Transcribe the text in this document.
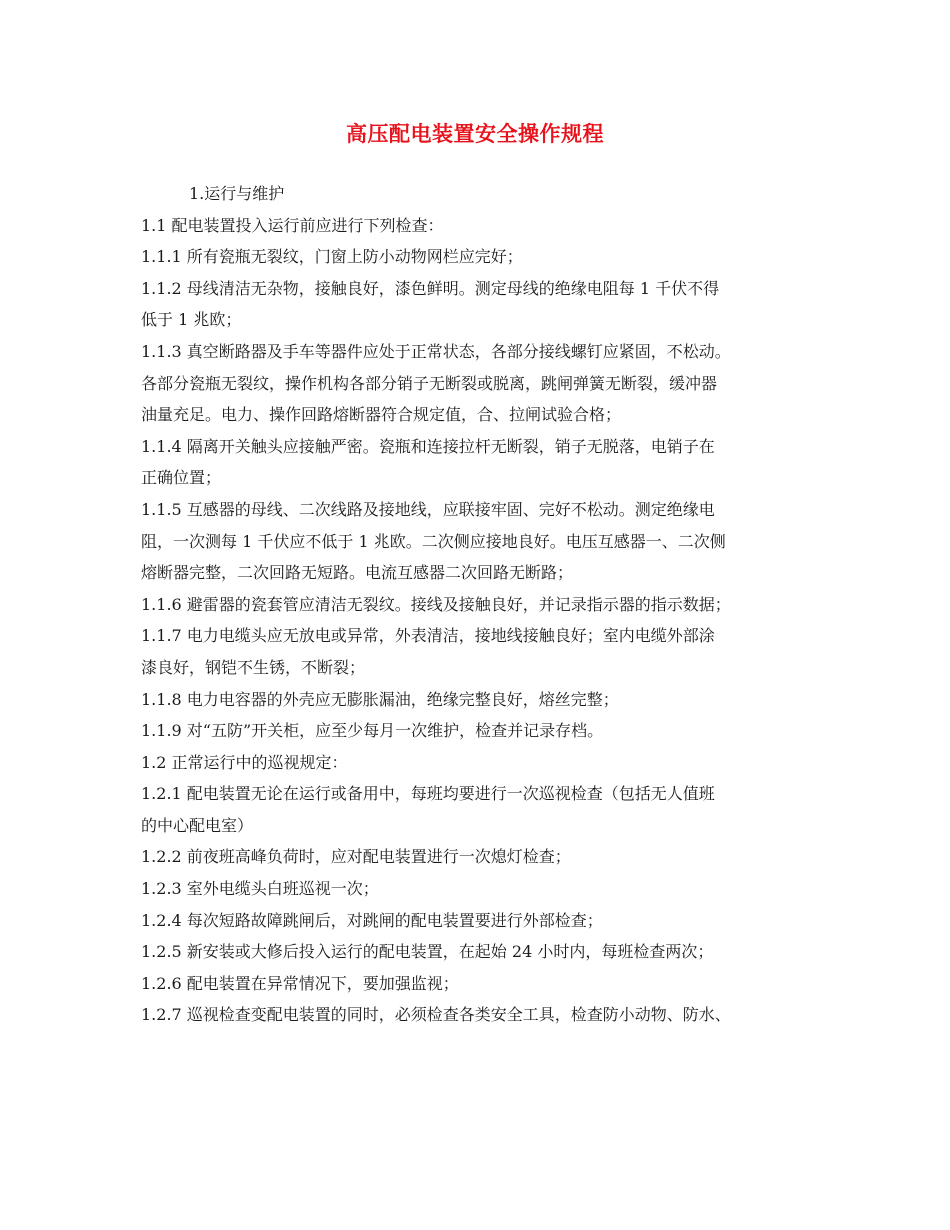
高压配电装置安全操作规程
1.运行与维护
1.1 配电装置投入运行前应进行下列检查：
1.1.1 所有瓷瓶无裂纹，门窗上防小动物网栏应完好；
1.1.2 母线清洁无杂物，接触良好，漆色鲜明。测定母线的绝缘电阻每 1 千伏不得
低于 1 兆欧；
1.1.3 真空断路器及手车等器件应处于正常状态，各部分接线螺钉应紧固，不松动。
各部分瓷瓶无裂纹，操作机构各部分销子无断裂或脱离，跳闸弹簧无断裂，缓冲器
油量充足。电力、操作回路熔断器符合规定值，合、拉闸试验合格；
1.1.4 隔离开关触头应接触严密。瓷瓶和连接拉杆无断裂，销子无脱落，电销子在
正确位置；
1.1.5 互感器的母线、二次线路及接地线，应联接牢固、完好不松动。测定绝缘电
阻，一次测每 1 千伏应不低于 1 兆欧。二次侧应接地良好。电压互感器一、二次侧
熔断器完整，二次回路无短路。电流互感器二次回路无断路；
1.1.6 避雷器的瓷套管应清洁无裂纹。接线及接触良好，并记录指示器的指示数据；
1.1.7 电力电缆头应无放电或异常，外表清洁，接地线接触良好；室内电缆外部涂
漆良好，钢铠不生锈，不断裂；
1.1.8 电力电容器的外壳应无膨胀漏油，绝缘完整良好，熔丝完整；
1.1.9 对“五防”开关柜，应至少每月一次维护，检查并记录存档。
1.2 正常运行中的巡视规定：
1.2.1 配电装置无论在运行或备用中，每班均要进行一次巡视检查（包括无人值班
的中心配电室）
1.2.2 前夜班高峰负荷时，应对配电装置进行一次熄灯检查；
1.2.3 室外电缆头白班巡视一次；
1.2.4 每次短路故障跳闸后，对跳闸的配电装置要进行外部检查；
1.2.5 新安装或大修后投入运行的配电装置，在起始 24 小时内，每班检查两次；
1.2.6 配电装置在异常情况下，要加强监视；
1.2.7 巡视检查变配电装置的同时，必须检查各类安全工具，检查防小动物、防水、
